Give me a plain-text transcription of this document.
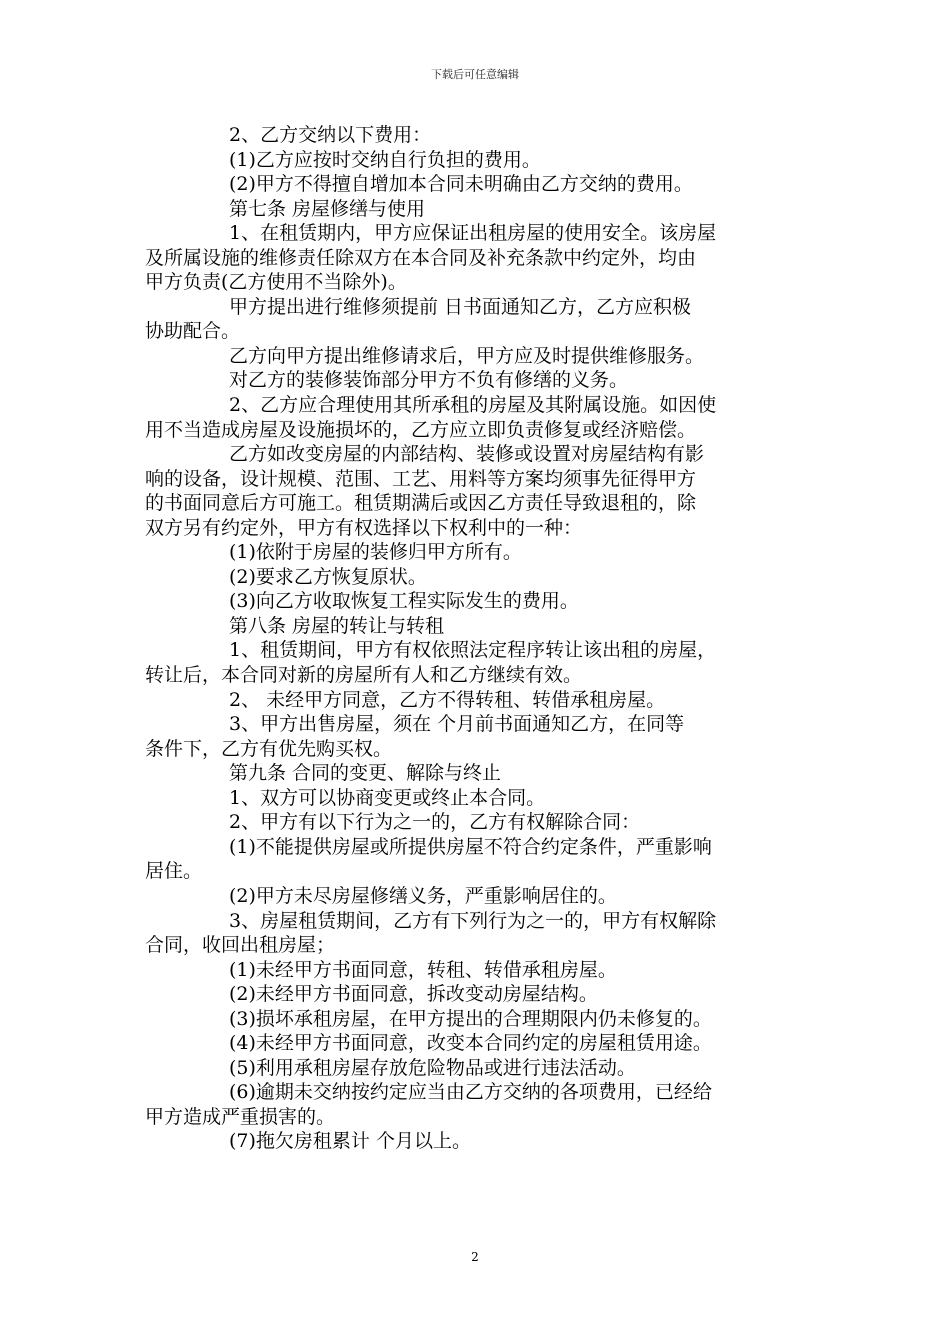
下载后可任意编辑

2、乙方交纳以下费用：

(1)乙方应按时交纳自行负担的费用。

(2)甲方不得擅自增加本合同未明确由乙方交纳的费用。

第七条 房屋修缮与使用

1、在租赁期内，甲方应保证出租房屋的使用安全。该房屋

及所属设施的维修责任除双方在本合同及补充条款中约定外，均由

甲方负责(乙方使用不当除外)。

甲方提出进行维修须提前 日书面通知乙方，乙方应积极

协助配合。

乙方向甲方提出维修请求后，甲方应及时提供维修服务。

对乙方的装修装饰部分甲方不负有修缮的义务。

2、乙方应合理使用其所承租的房屋及其附属设施。如因使

用不当造成房屋及设施损坏的，乙方应立即负责修复或经济赔偿。

乙方如改变房屋的内部结构、装修或设置对房屋结构有影

响的设备，设计规模、范围、工艺、用料等方案均须事先征得甲方

的书面同意后方可施工。租赁期满后或因乙方责任导致退租的，除

双方另有约定外，甲方有权选择以下权利中的一种：

(1)依附于房屋的装修归甲方所有。

(2)要求乙方恢复原状。

(3)向乙方收取恢复工程实际发生的费用。

第八条 房屋的转让与转租

1、租赁期间，甲方有权依照法定程序转让该出租的房屋，

转让后，本合同对新的房屋所有人和乙方继续有效。

2、 未经甲方同意，乙方不得转租、转借承租房屋。

3、甲方出售房屋，须在 个月前书面通知乙方，在同等

条件下，乙方有优先购买权。

第九条 合同的变更、解除与终止

1、双方可以协商变更或终止本合同。

2、甲方有以下行为之一的，乙方有权解除合同：

(1)不能提供房屋或所提供房屋不符合约定条件，严重影响

居住。

(2)甲方未尽房屋修缮义务，严重影响居住的。

3、房屋租赁期间，乙方有下列行为之一的，甲方有权解除

合同，收回出租房屋；

(1)未经甲方书面同意，转租、转借承租房屋。

(2)未经甲方书面同意，拆改变动房屋结构。

(3)损坏承租房屋，在甲方提出的合理期限内仍未修复的。

(4)未经甲方书面同意，改变本合同约定的房屋租赁用途。

(5)利用承租房屋存放危险物品或进行违法活动。

(6)逾期未交纳按约定应当由乙方交纳的各项费用，已经给

甲方造成严重损害的。

(7)拖欠房租累计 个月以上。

2
